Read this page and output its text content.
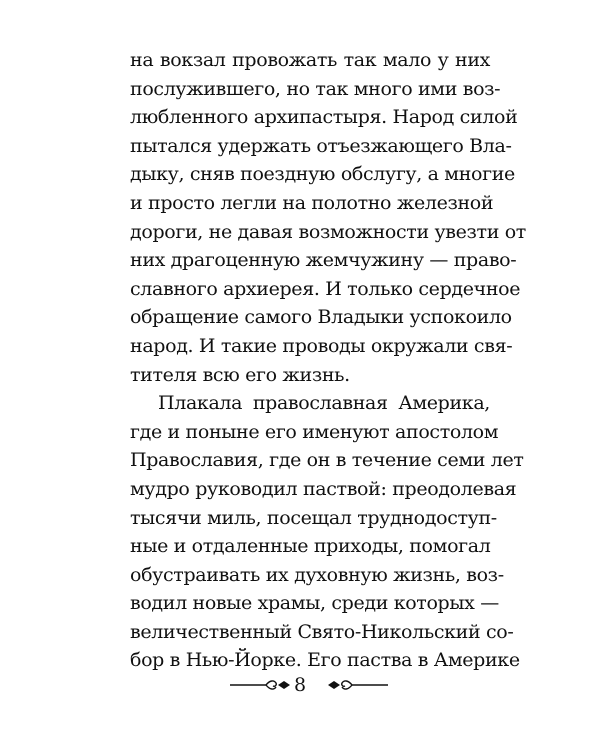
на вокзал провожать так мало у них
послужившего, но так много ими воз-
любленного архипастыря. Народ силой
пытался удержать отъезжающего Вла-
дыку, сняв поездную обслугу, а многие
и просто легли на полотно железной
дороги, не давая возможности увезти от
них драгоценную жемчужину — право-
славного архиерея. И только сердечное
обращение самого Владыки успокоило
народ. И такие проводы окружали свя-
тителя всю его жизнь.
Плакала православная Америка,
где и поныне его именуют апостолом
Православия, где он в течение семи лет
мудро руководил паствой: преодолевая
тысячи миль, посещал труднодоступ-
ные и отдаленные приходы, помогал
обустраивать их духовную жизнь, воз-
водил новые храмы, среди которых —
величественный Свято-Никольский со-
бор в Нью-Йорке. Его паства в Америке
8
